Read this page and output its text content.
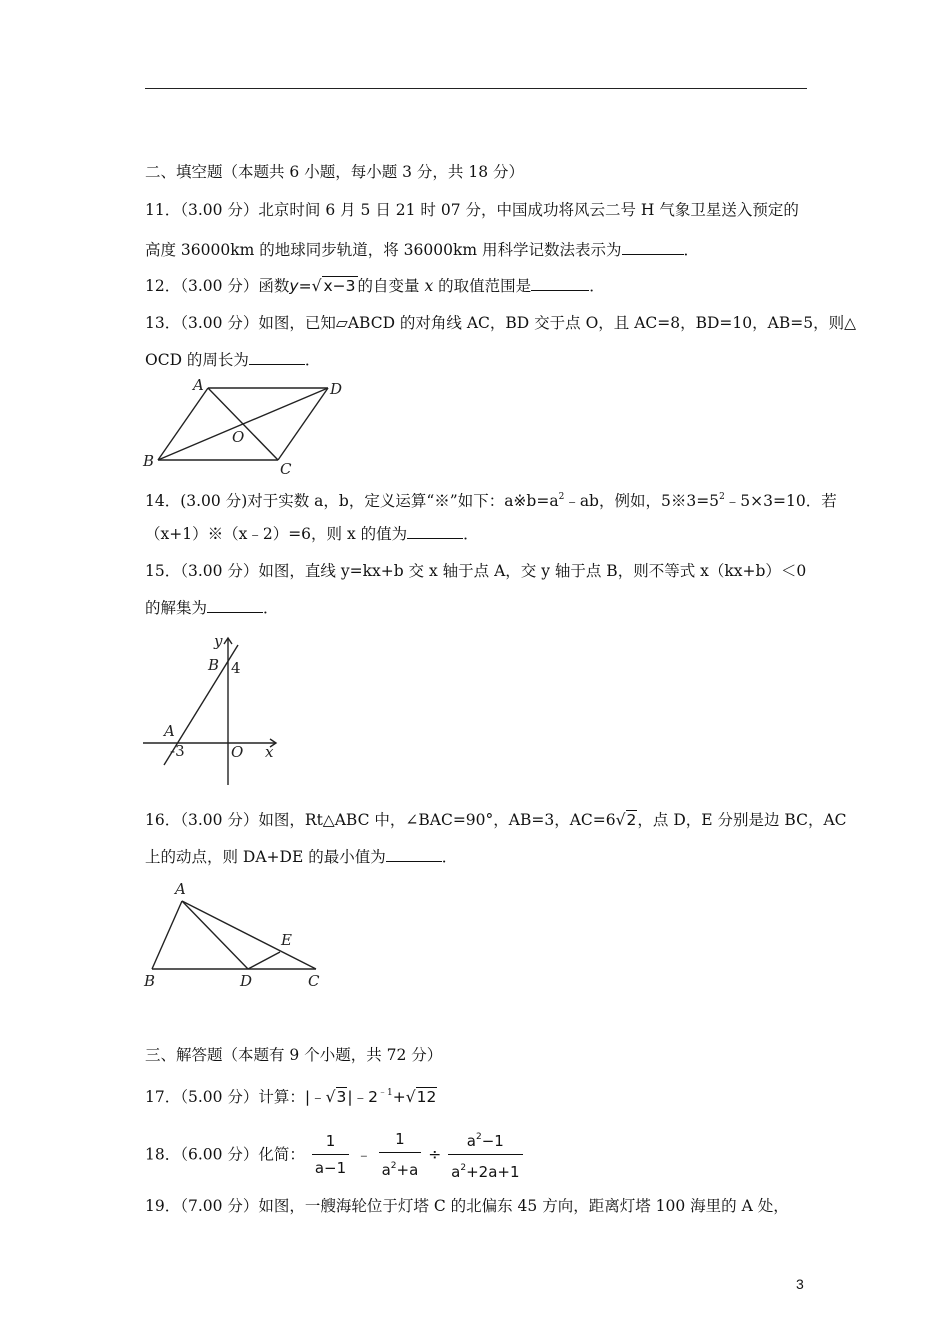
二、填空题（本题共 6 小题，每小题 3 分，共 18 分）
11．（3.00 分）北京时间 6 月 5 日 21 时 07 分，中国成功将风云二号 H 气象卫星送入预定的
高度 36000km 的地球同步轨道，将 36000km 用科学记数法表示为	．
12．（3.00 分）函数y=√ x−3 的自变量 x 的取值范围是	．
13．（3.00 分）如图，已知▱ABCD 的对角线 AC，BD 交于点 O，且 AC=8，BD=10，AB=5，则△
OCD 的周长为	．
A	D
O
B	C
14．(3.00 分)对于实数 a，b，定义运算“※”如下：$a※b=a^2﹣ab$，例如，$5※3=5^2﹣5\times 3=10$．若
（x+1）※（x﹣2）=6，则 x 的值为	．
15．（3.00 分）如图，直线 y=kx+b 交 x 轴于点 A，交 y 轴于点 B，则不等式 x（kx+b）＜0
的解集为	．
y
B 4
A
-3	O x
16．（3.00 分）如图，Rt△ABC 中，∠BAC=90°，AB=3，AC=6√2，点 D，E 分别是边 BC，AC
上的动点，则 DA+DE 的最小值为	．
A
E
B	D	C
三、解答题（本题有 9 个小题，共 72 分）
17．（5.00 分）计算：$|﹣√3|﹣2^{﹣1}+√12$
18．（6.00 分）化简： $\frac{1}{a-1}$ ﹣ $\frac{1}{a^2+a} \div \frac{a^2-1}{a^2+2a+1}$
19．（7.00 分）如图，一艘海轮位于灯塔 C 的北偏东 45 方向，距离灯塔 100 海里的 A 处，
3
